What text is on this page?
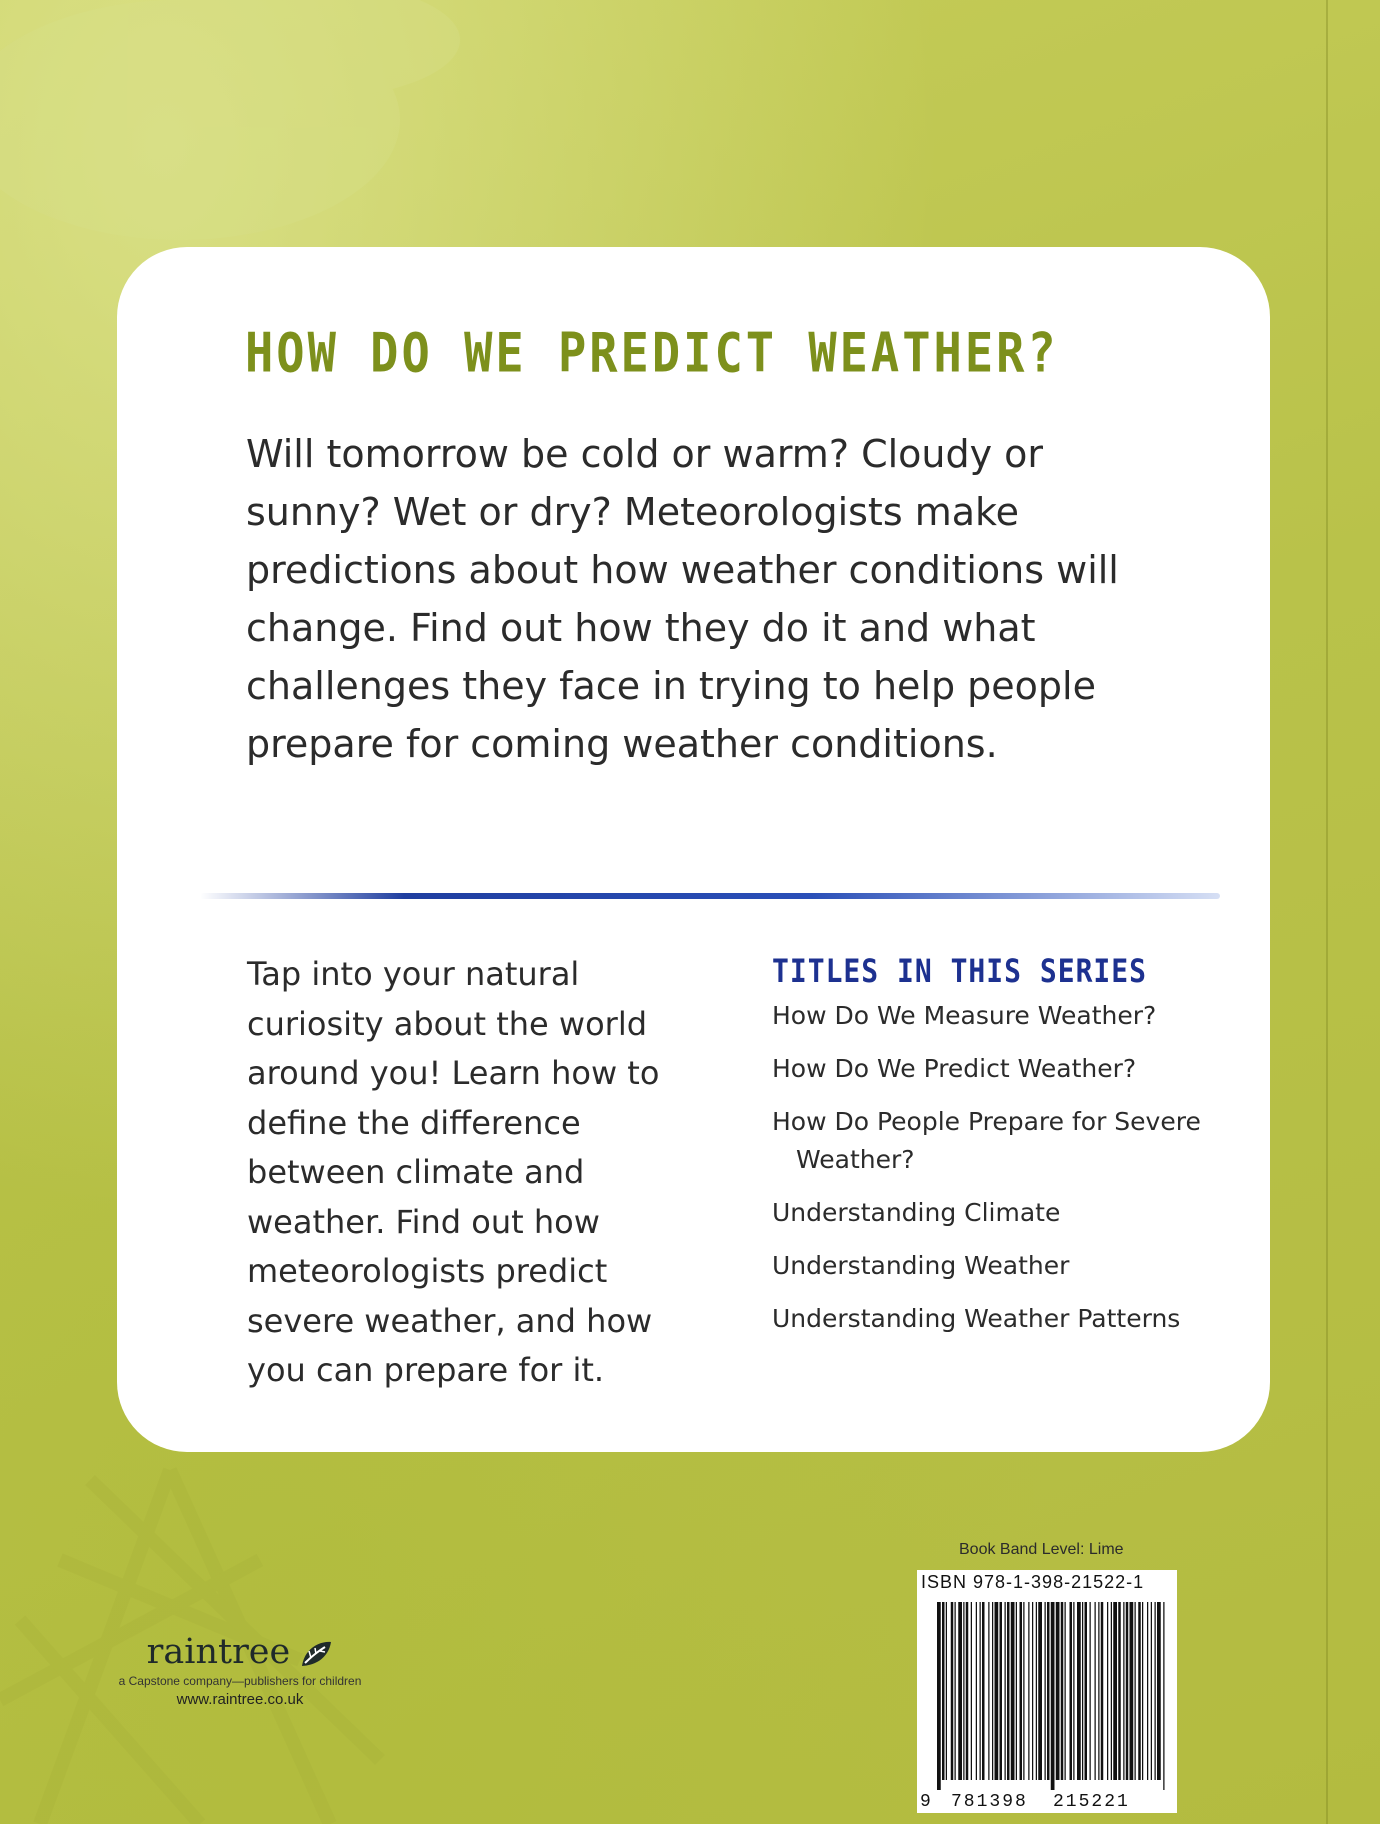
HOW DO WE PREDICT WEATHER?

Will tomorrow be cold or warm? Cloudy or sunny? Wet or dry? Meteorologists make predictions about how weather conditions will change. Find out how they do it and what challenges they face in trying to help people prepare for coming weather conditions.

Tap into your natural curiosity about the world around you! Learn how to define the difference between climate and weather. Find out how meteorologists predict severe weather, and how you can prepare for it.

TITLES IN THIS SERIES
How Do We Measure Weather?
How Do We Predict Weather?
How Do People Prepare for Severe Weather?
Understanding Climate
Understanding Weather
Understanding Weather Patterns

Book Band Level: Lime

ISBN 978-1-398-21522-1

9 781398 215221
raintree

a Capstone company—publishers for children

www.raintree.co.uk
